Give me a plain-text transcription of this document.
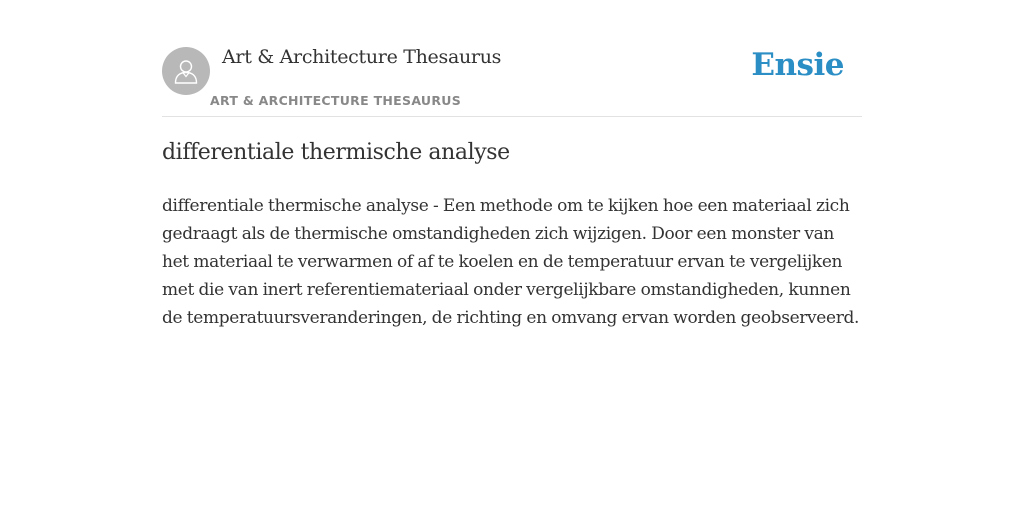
Art & Architecture Thesaurus
ART & ARCHITECTURE THESAURUS
Ensie
differentiale thermische analyse

differentiale thermische analyse - Een methode om te kijken hoe een materiaal zich gedraagt als de thermische omstandigheden zich wijzigen. Door een monster van het materiaal te verwarmen of af te koelen en de temperatuur ervan te vergelijken met die van inert referentiemateriaal onder vergelijkbare omstandigheden, kunnen de temperatuursveranderingen, de richting en omvang ervan worden geobserveerd.
